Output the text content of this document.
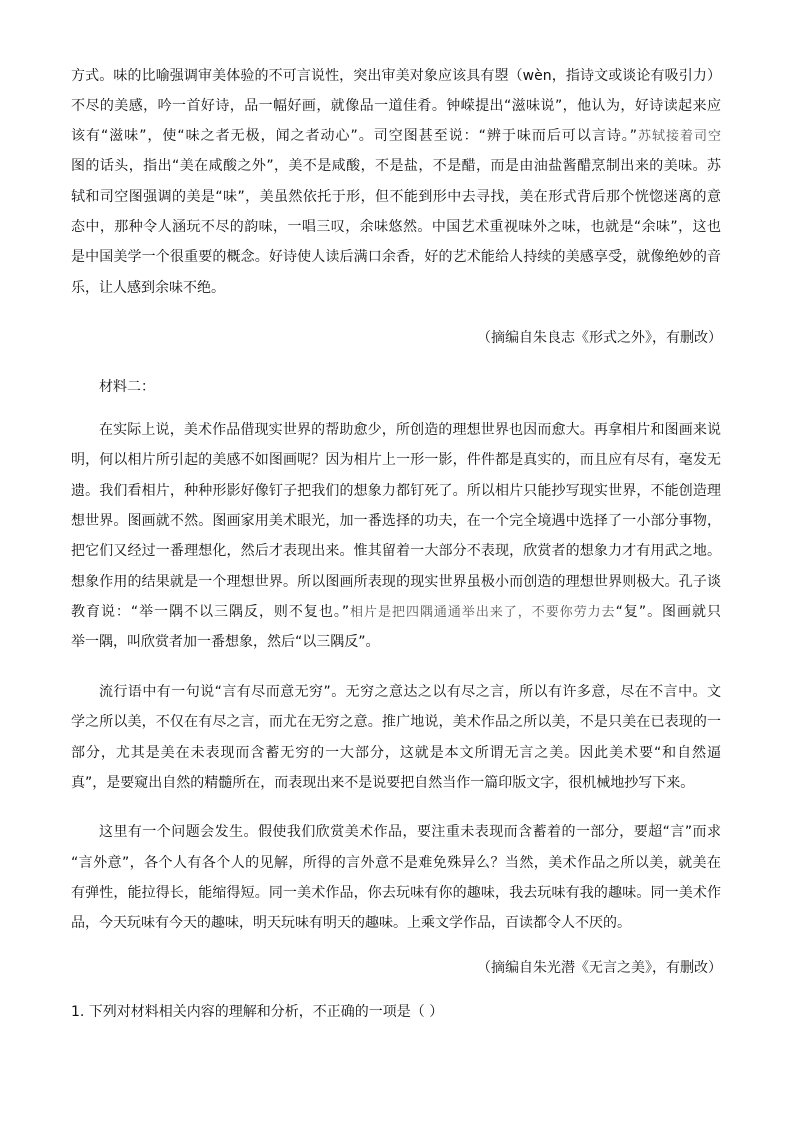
方式。味的比喻强调审美体验的不可言说性，突出审美对象应该具有曌（wèn，指诗文或谈论有吸引力）
不尽的美感，吟一首好诗，品一幅好画，就像品一道佳肴。钟嵘提出“滋味说”，他认为，好诗读起来应
该有“滋味”，使“味之者无极，闻之者动心”。司空图甚至说：“辨于味而后可以言诗。”苏轼接着司空
图的话头，指出“美在咸酸之外”，美不是咸酸，不是盐，不是醋，而是由油盐酱醋烹制出来的美味。苏
轼和司空图强调的美是“味”，美虽然依托于形，但不能到形中去寻找，美在形式背后那个恍惚迷离的意
态中，那种令人涵玩不尽的韵味，一唱三叹，余味悠然。中国艺术重视味外之味，也就是“余味”，这也
是中国美学一个很重要的概念。好诗使人读后满口余香，好的艺术能给人持续的美感享受，就像绝妙的音
乐，让人感到余味不绝。
（摘编自朱良志《形式之外》，有删改）
材料二：
在实际上说，美术作品借现实世界的帮助愈少，所创造的理想世界也因而愈大。再拿相片和图画来说
明，何以相片所引起的美感不如图画呢？因为相片上一形一影，件件都是真实的，而且应有尽有，毫发无
遗。我们看相片，种种形影好像钉子把我们的想象力都钉死了。所以相片只能抄写现实世界，不能创造理
想世界。图画就不然。图画家用美术眼光，加一番选择的功夫，在一个完全境遇中选择了一小部分事物，
把它们又经过一番理想化，然后才表现出来。惟其留着一大部分不表现，欣赏者的想象力才有用武之地。
想象作用的结果就是一个理想世界。所以图画所表现的现实世界虽极小而创造的理想世界则极大。孔子谈
教育说：“举一隅不以三隅反，则不复也。”相片是把四隅通通举出来了，不要你劳力去“复”。图画就只
举一隅，叫欣赏者加一番想象，然后“以三隅反”。
流行语中有一句说“言有尽而意无穷”。无穷之意达之以有尽之言，所以有许多意，尽在不言中。文
学之所以美，不仅在有尽之言，而尤在无穷之意。推广地说，美术作品之所以美，不是只美在已表现的一
部分，尤其是美在未表现而含蓄无穷的一大部分，这就是本文所谓无言之美。因此美术要“和自然逼
真”，是要窥出自然的精髓所在，而表现出来不是说要把自然当作一篇印版文字，很机械地抄写下来。
这里有一个问题会发生。假使我们欣赏美术作品，要注重未表现而含蓄着的一部分，要超“言”而求
“言外意”，各个人有各个人的见解，所得的言外意不是难免殊异么？当然，美术作品之所以美，就美在
有弹性，能拉得长，能缩得短。同一美术作品，你去玩味有你的趣味，我去玩味有我的趣味。同一美术作
品，今天玩味有今天的趣味，明天玩味有明天的趣味。上乘文学作品，百读都令人不厌的。
（摘编自朱光潜《无言之美》，有删改）
1. 下列对材料相关内容的理解和分析，不正确的一项是（ ）
